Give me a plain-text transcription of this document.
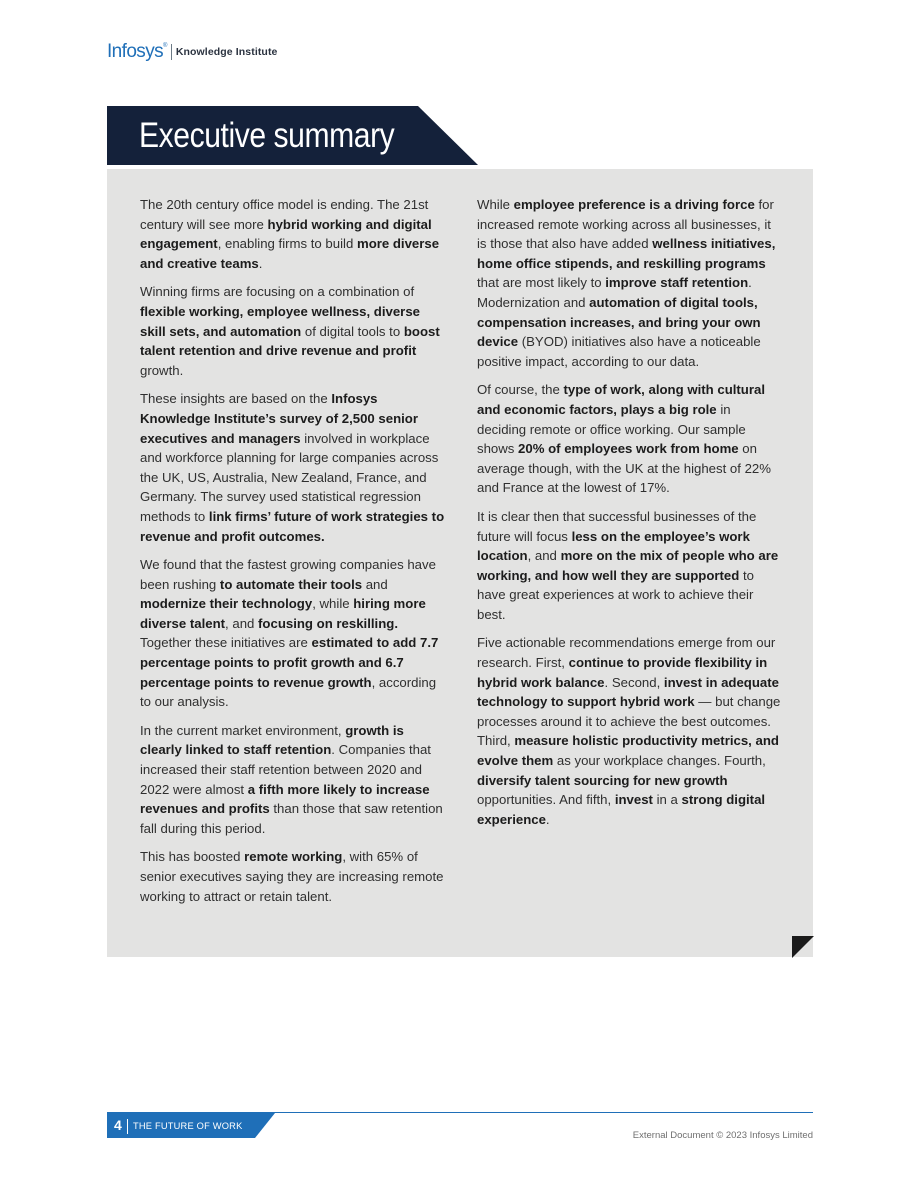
Infosys® Knowledge Institute
Executive summary

The 20th century office model is ending. The 21st century will see more hybrid working and digital engagement, enabling firms to build more diverse and creative teams.

Winning firms are focusing on a combination of flexible working, employee wellness, diverse skill sets, and automation of digital tools to boost talent retention and drive revenue and profit growth.

These insights are based on the Infosys Knowledge Institute’s survey of 2,500 senior executives and managers involved in workplace and workforce planning for large companies across the UK, US, Australia, New Zealand, France, and Germany. The survey used statistical regression methods to link firms’ future of work strategies to revenue and profit outcomes.

We found that the fastest growing companies have been rushing to automate their tools and modernize their technology, while hiring more diverse talent, and focusing on reskilling. Together these initiatives are estimated to add 7.7 percentage points to profit growth and 6.7 percentage points to revenue growth, according to our analysis.

In the current market environment, growth is clearly linked to staff retention. Companies that increased their staff retention between 2020 and 2022 were almost a fifth more likely to increase revenues and profits than those that saw retention fall during this period.

This has boosted remote working, with 65% of senior executives saying they are increasing remote working to attract or retain talent.

While employee preference is a driving force for increased remote working across all businesses, it is those that also have added wellness initiatives, home office stipends, and reskilling programs that are most likely to improve staff retention. Modernization and automation of digital tools, compensation increases, and bring your own device (BYOD) initiatives also have a noticeable positive impact, according to our data.

Of course, the type of work, along with cultural and economic factors, plays a big role in deciding remote or office working. Our sample shows 20% of employees work from home on average though, with the UK at the highest of 22% and France at the lowest of 17%.

It is clear then that successful businesses of the future will focus less on the employee’s work location, and more on the mix of people who are working, and how well they are supported to have great experiences at work to achieve their best.

Five actionable recommendations emerge from our research. First, continue to provide flexibility in hybrid work balance. Second, invest in adequate technology to support hybrid work — but change processes around it to achieve the best outcomes. Third, measure holistic productivity metrics, and evolve them as your workplace changes. Fourth, diversify talent sourcing for new growth opportunities. And fifth, invest in a strong digital experience.

4 THE FUTURE OF WORK
External Document © 2023 Infosys Limited
